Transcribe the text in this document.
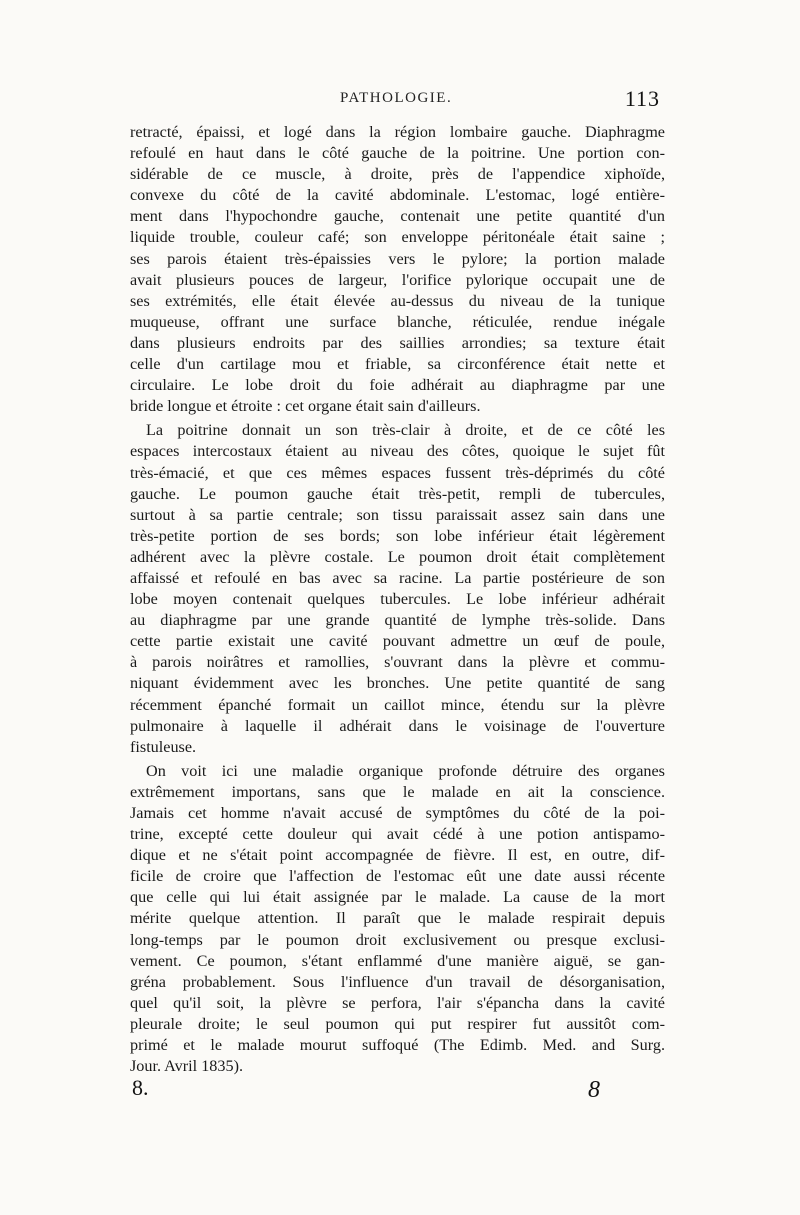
PATHOLOGIE.	113
retracté, épaissi, et logé dans la région lombaire gauche. Diaphragme
refoulé en haut dans le côté gauche de la poitrine. Une portion con-
sidérable de ce muscle, à droite, près de l'appendice xiphoïde,
convexe du côté de la cavité abdominale. L'estomac, logé entière-
ment dans l'hypochondre gauche, contenait une petite quantité d'un
liquide trouble, couleur café; son enveloppe péritonéale était saine ;
ses parois étaient très-épaissies vers le pylore; la portion malade
avait plusieurs pouces de largeur, l'orifice pylorique occupait une de
ses extrémités, elle était élevée au-dessus du niveau de la tunique
muqueuse, offrant une surface blanche, réticulée, rendue inégale
dans plusieurs endroits par des saillies arrondies; sa texture était
celle d'un cartilage mou et friable, sa circonférence était nette et
circulaire. Le lobe droit du foie adhérait au diaphragme par une
bride longue et étroite : cet organe était sain d'ailleurs.
La poitrine donnait un son très-clair à droite, et de ce côté les
espaces intercostaux étaient au niveau des côtes, quoique le sujet fût
très-émacié, et que ces mêmes espaces fussent très-déprimés du côté
gauche. Le poumon gauche était très-petit, rempli de tubercules,
surtout à sa partie centrale; son tissu paraissait assez sain dans une
très-petite portion de ses bords; son lobe inférieur était légèrement
adhérent avec la plèvre costale. Le poumon droit était complètement
affaissé et refoulé en bas avec sa racine. La partie postérieure de son
lobe moyen contenait quelques tubercules. Le lobe inférieur adhérait
au diaphragme par une grande quantité de lymphe très-solide. Dans
cette partie existait une cavité pouvant admettre un œuf de poule,
à parois noirâtres et ramollies, s'ouvrant dans la plèvre et commu-
niquant évidemment avec les bronches. Une petite quantité de sang
récemment épanché formait un caillot mince, étendu sur la plèvre
pulmonaire à laquelle il adhérait dans le voisinage de l'ouverture
fistuleuse.
On voit ici une maladie organique profonde détruire des organes
extrêmement importans, sans que le malade en ait la conscience.
Jamais cet homme n'avait accusé de symptômes du côté de la poi-
trine, excepté cette douleur qui avait cédé à une potion antispamo-
dique et ne s'était point accompagnée de fièvre. Il est, en outre, dif-
ficile de croire que l'affection de l'estomac eût une date aussi récente
que celle qui lui était assignée par le malade. La cause de la mort
mérite quelque attention. Il paraît que le malade respirait depuis
long-temps par le poumon droit exclusivement ou presque exclusi-
vement. Ce poumon, s'étant enflammé d'une manière aiguë, se gan-
gréna probablement. Sous l'influence d'un travail de désorganisation,
quel qu'il soit, la plèvre se perfora, l'air s'épancha dans la cavité
pleurale droite; le seul poumon qui put respirer fut aussitôt com-
primé et le malade mourut suffoqué (The Edimb. Med. and Surg.
Jour. Avril 1835).
8.	8
